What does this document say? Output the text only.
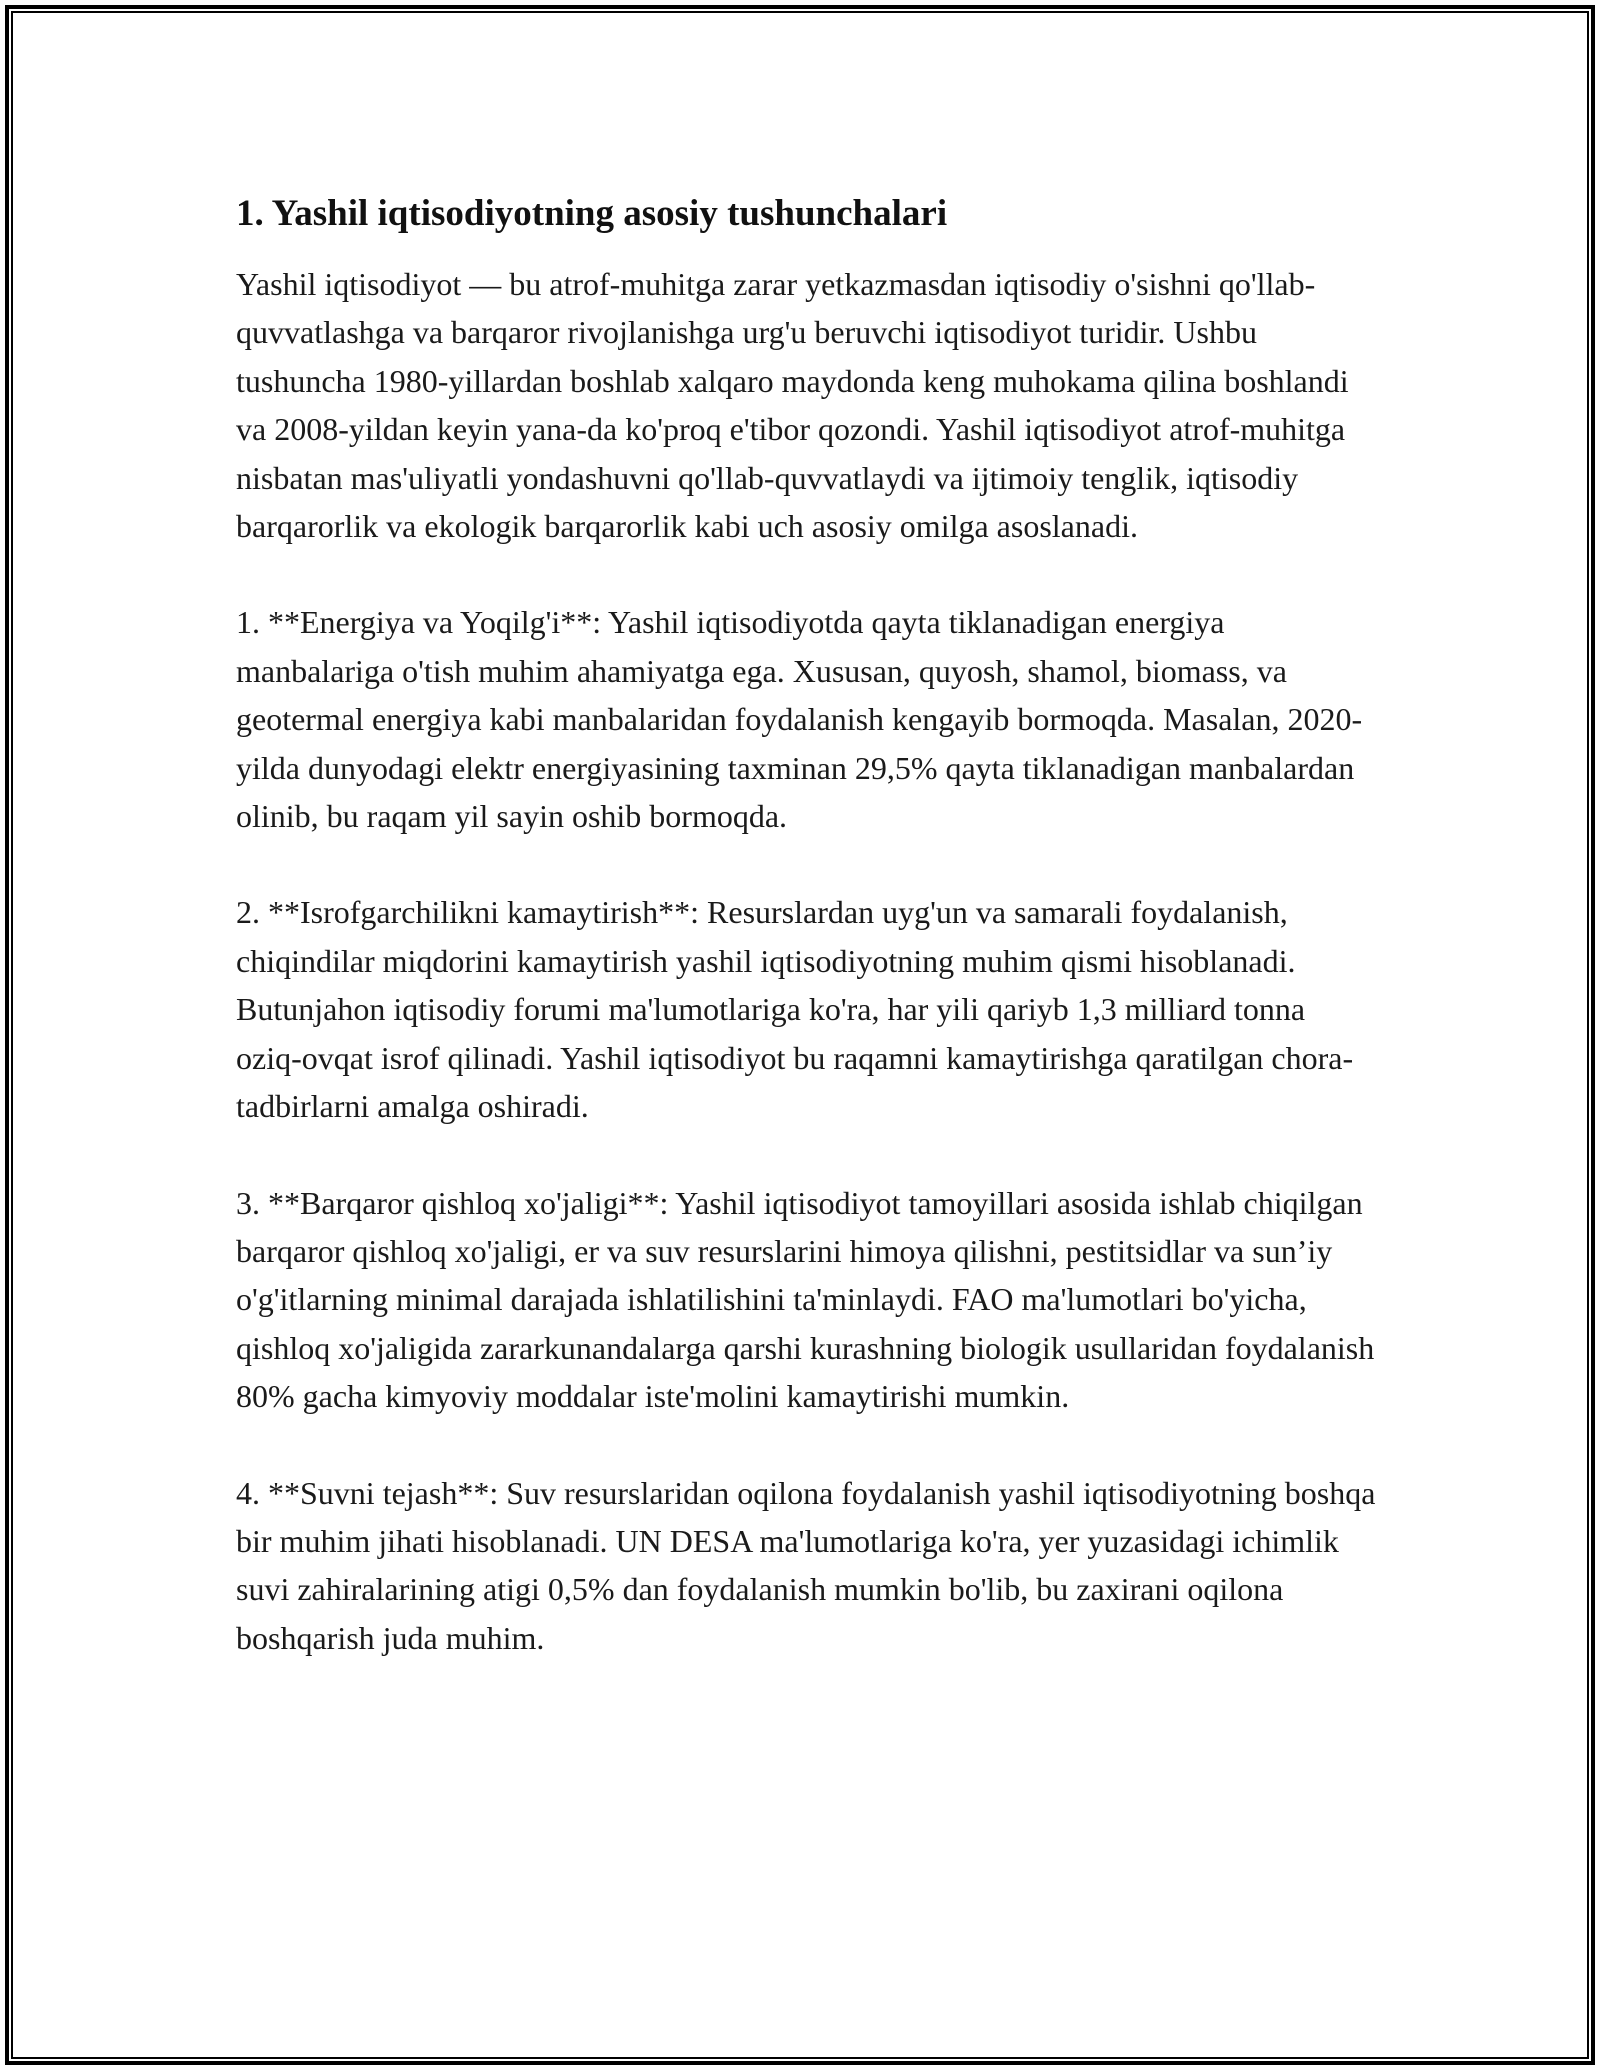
1. Yashil iqtisodiyotning asosiy tushunchalari

Yashil iqtisodiyot — bu atrof-muhitga zarar yetkazmasdan iqtisodiy o'sishni qo'llab-quvvatlashga va barqaror rivojlanishga urg'u beruvchi iqtisodiyot turidir. Ushbu tushuncha 1980-yillardan boshlab xalqaro maydonda keng muhokama qilina boshlandi va 2008-yildan keyin yana-da ko'proq e'tibor qozondi. Yashil iqtisodiyot atrof-muhitga nisbatan mas'uliyatli yondashuvni qo'llab-quvvatlaydi va ijtimoiy tenglik, iqtisodiy barqarorlik va ekologik barqarorlik kabi uch asosiy omilga asoslanadi.

1. **Energiya va Yoqilg'i**: Yashil iqtisodiyotda qayta tiklanadigan energiya manbalariga o'tish muhim ahamiyatga ega. Xususan, quyosh, shamol, biomass, va geotermal energiya kabi manbalaridan foydalanish kengayib bormoqda. Masalan, 2020-yilda dunyodagi elektr energiyasining taxminan 29,5% qayta tiklanadigan manbalardan olinib, bu raqam yil sayin oshib bormoqda.

2. **Isrofgarchilikni kamaytirish**: Resurslardan uyg'un va samarali foydalanish, chiqindilar miqdorini kamaytirish yashil iqtisodiyotning muhim qismi hisoblanadi. Butunjahon iqtisodiy forumi ma'lumotlariga ko'ra, har yili qariyb 1,3 milliard tonna oziq-ovqat isrof qilinadi. Yashil iqtisodiyot bu raqamni kamaytirishga qaratilgan chora-tadbirlarni amalga oshiradi.

3. **Barqaror qishloq xo'jaligi**: Yashil iqtisodiyot tamoyillari asosida ishlab chiqilgan barqaror qishloq xo'jaligi, er va suv resurslarini himoya qilishni, pestitsidlar va sun’iy o'g'itlarning minimal darajada ishlatilishini ta'minlaydi. FAO ma'lumotlari bo'yicha, qishloq xo'jaligida zararkunandalarga qarshi kurashning biologik usullaridan foydalanish 80% gacha kimyoviy moddalar iste'molini kamaytirishi mumkin.

4. **Suvni tejash**: Suv resurslaridan oqilona foydalanish yashil iqtisodiyotning boshqa bir muhim jihati hisoblanadi. UN DESA ma'lumotlariga ko'ra, yer yuzasidagi ichimlik suvi zahiralarining atigi 0,5% dan foydalanish mumkin bo'lib, bu zaxirani oqilona boshqarish juda muhim.
